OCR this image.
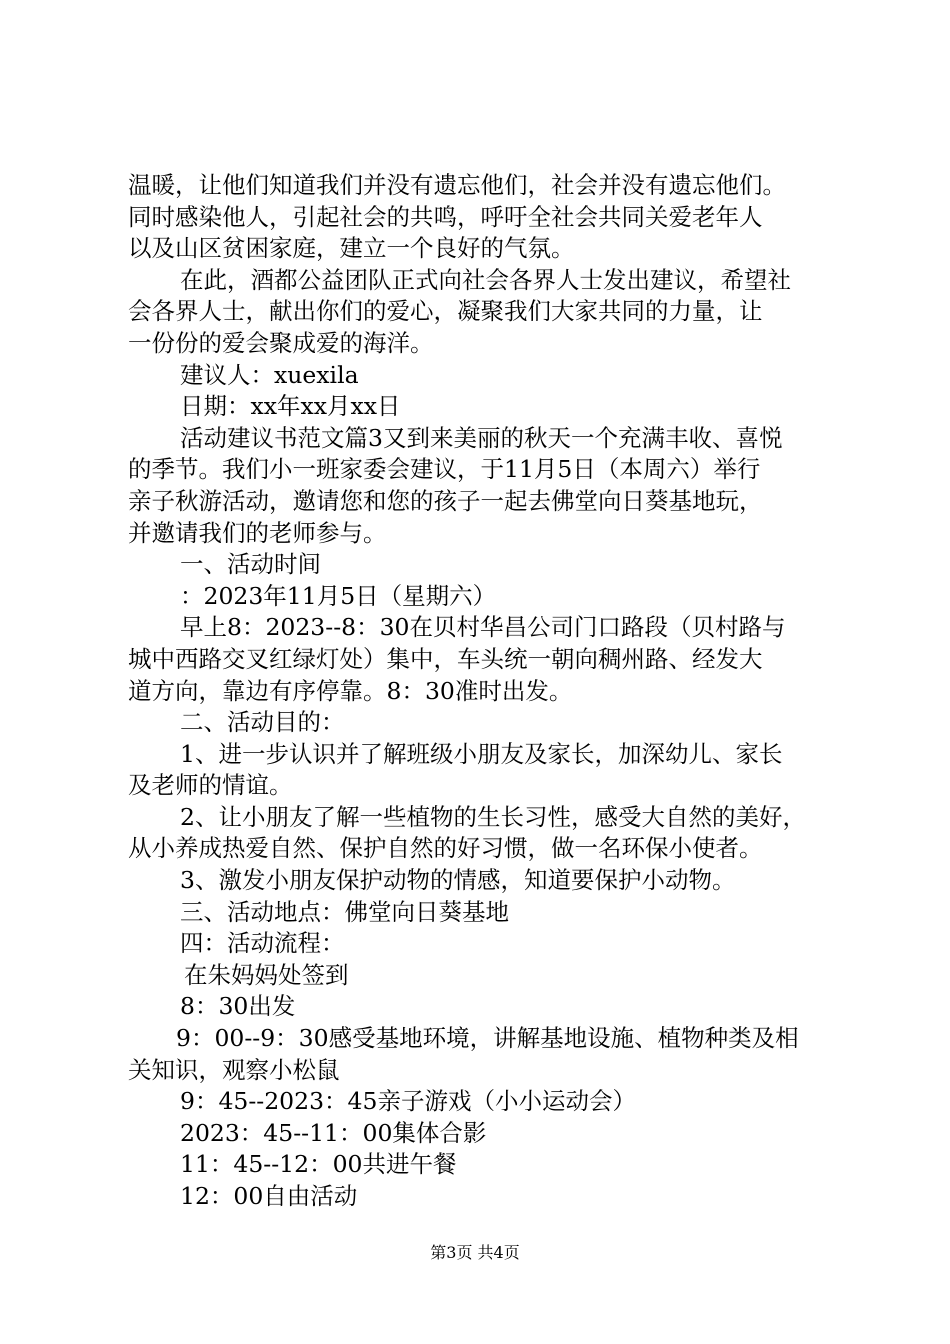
温暖，让他们知道我们并没有遗忘他们，社会并没有遗忘他们。
同时感染他人，引起社会的共鸣，呼吁全社会共同关爱老年人
以及山区贫困家庭，建立一个良好的气氛。
在此，酒都公益团队正式向社会各界人士发出建议，希望社
会各界人士，献出你们的爱心，凝聚我们大家共同的力量，让
一份份的爱会聚成爱的海洋。
建议人：xuexila
日期：xx年xx月xx日
活动建议书范文篇3又到来美丽的秋天一个充满丰收、喜悦
的季节。我们小一班家委会建议，于11月5日（本周六）举行
亲子秋游活动，邀请您和您的孩子一起去佛堂向日葵基地玩，
并邀请我们的老师参与。
一、活动时间
：2023年11月5日（星期六）
早上8：2023--8：30在贝村华昌公司门口路段（贝村路与
城中西路交叉红绿灯处）集中，车头统一朝向稠州路、经发大
道方向，靠边有序停靠。8：30准时出发。
二、活动目的：
1、进一步认识并了解班级小朋友及家长，加深幼儿、家长
及老师的情谊。
2、让小朋友了解一些植物的生长习性，感受大自然的美好，
从小养成热爱自然、保护自然的好习惯，做一名环保小使者。
3、激发小朋友保护动物的情感，知道要保护小动物。
三、活动地点：佛堂向日葵基地
四：活动流程：
在朱妈妈处签到
8：30出发
9：00--9：30感受基地环境，讲解基地设施、植物种类及相
关知识，观察小松鼠
9：45--2023：45亲子游戏（小小运动会）
2023：45--11：00集体合影
11：45--12：00共进午餐
12：00自由活动
第3页 共4页
